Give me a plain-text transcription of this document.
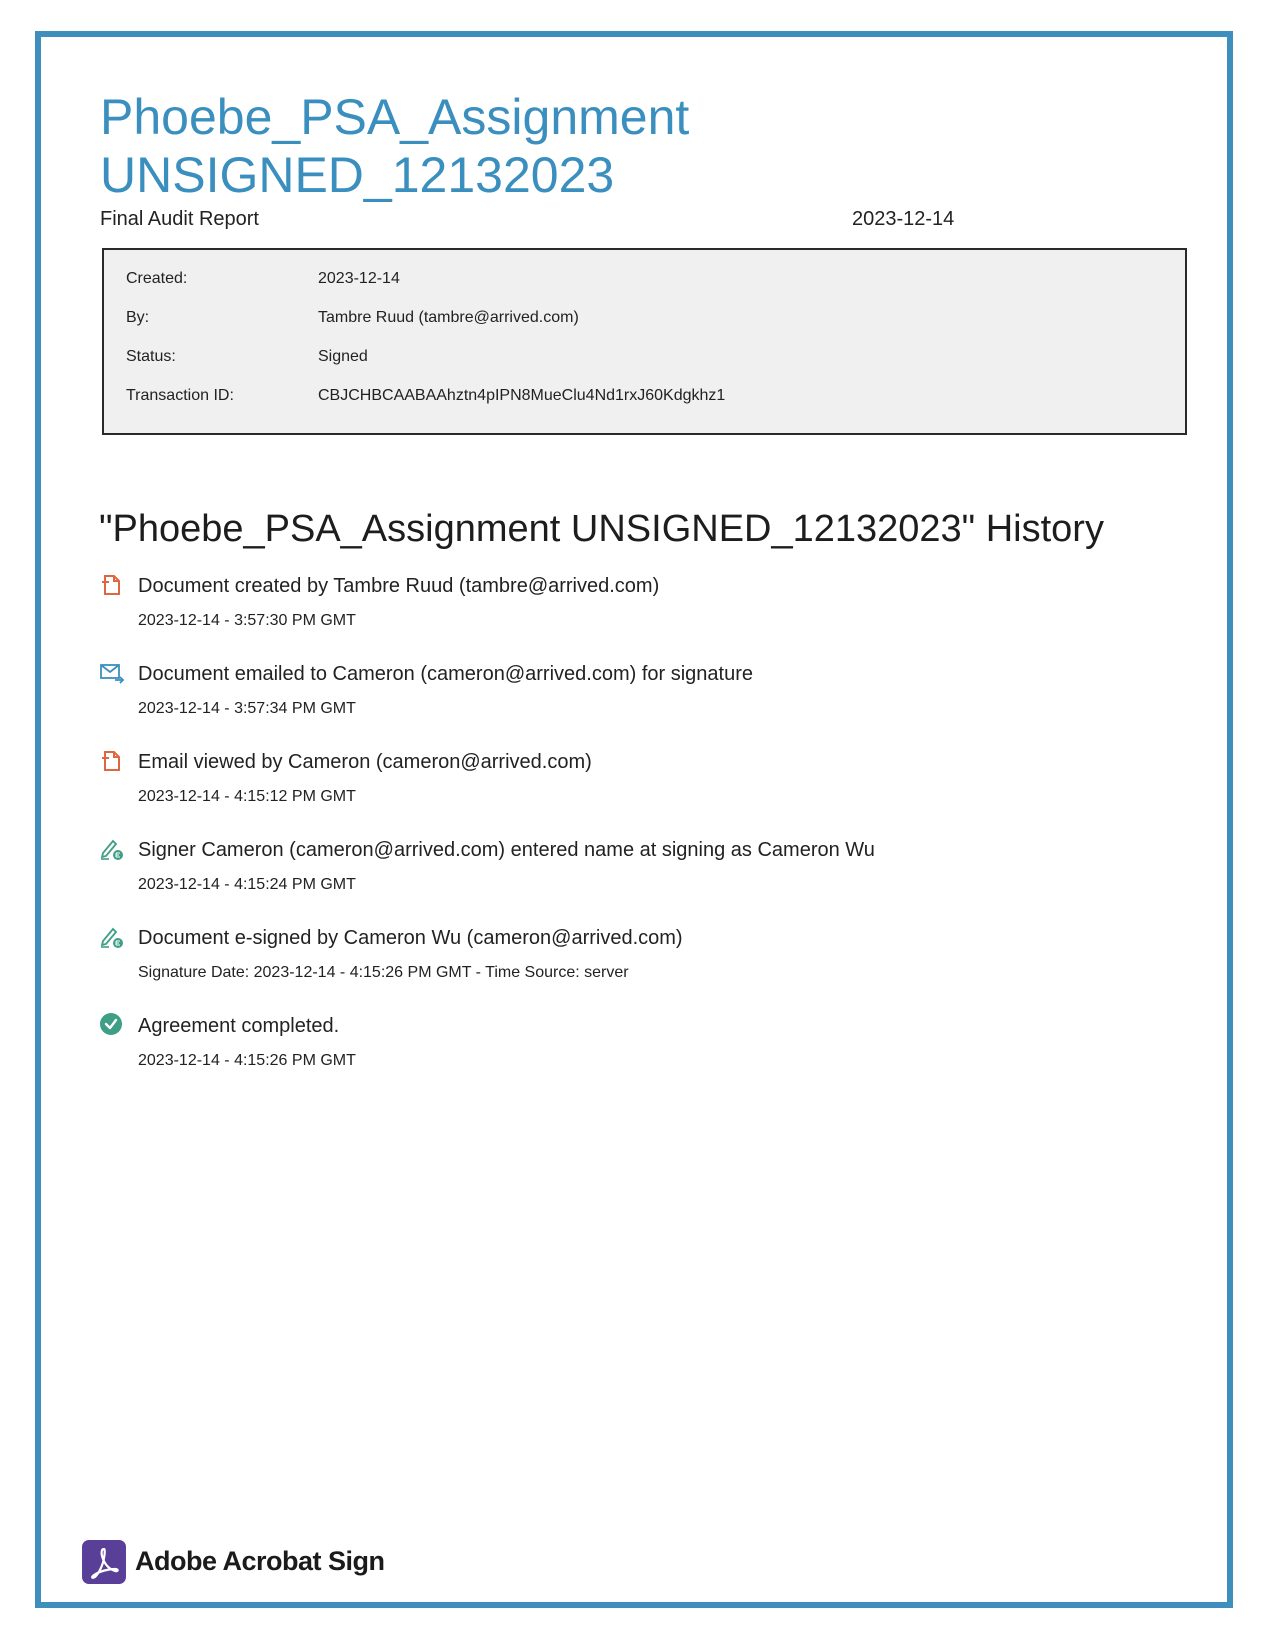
Phoebe_PSA_Assignment
UNSIGNED_12132023
Final Audit Report	2023-12-14
Created:	2023-12-14
By:	Tambre Ruud (tambre@arrived.com)
Status:	Signed
Transaction ID:	CBJCHBCAABAAhztn4pIPN8MueClu4Nd1rxJ60Kdgkhz1
"Phoebe_PSA_Assignment UNSIGNED_12132023" History
Document created by Tambre Ruud (tambre@arrived.com)
2023-12-14 - 3:57:30 PM GMT
Document emailed to Cameron (cameron@arrived.com) for signature
2023-12-14 - 3:57:34 PM GMT
Email viewed by Cameron (cameron@arrived.com)
2023-12-14 - 4:15:12 PM GMT
Signer Cameron (cameron@arrived.com) entered name at signing as Cameron Wu
2023-12-14 - 4:15:24 PM GMT
Document e-signed by Cameron Wu (cameron@arrived.com)
Signature Date: 2023-12-14 - 4:15:26 PM GMT - Time Source: server
Agreement completed.
2023-12-14 - 4:15:26 PM GMT
Adobe Acrobat Sign
